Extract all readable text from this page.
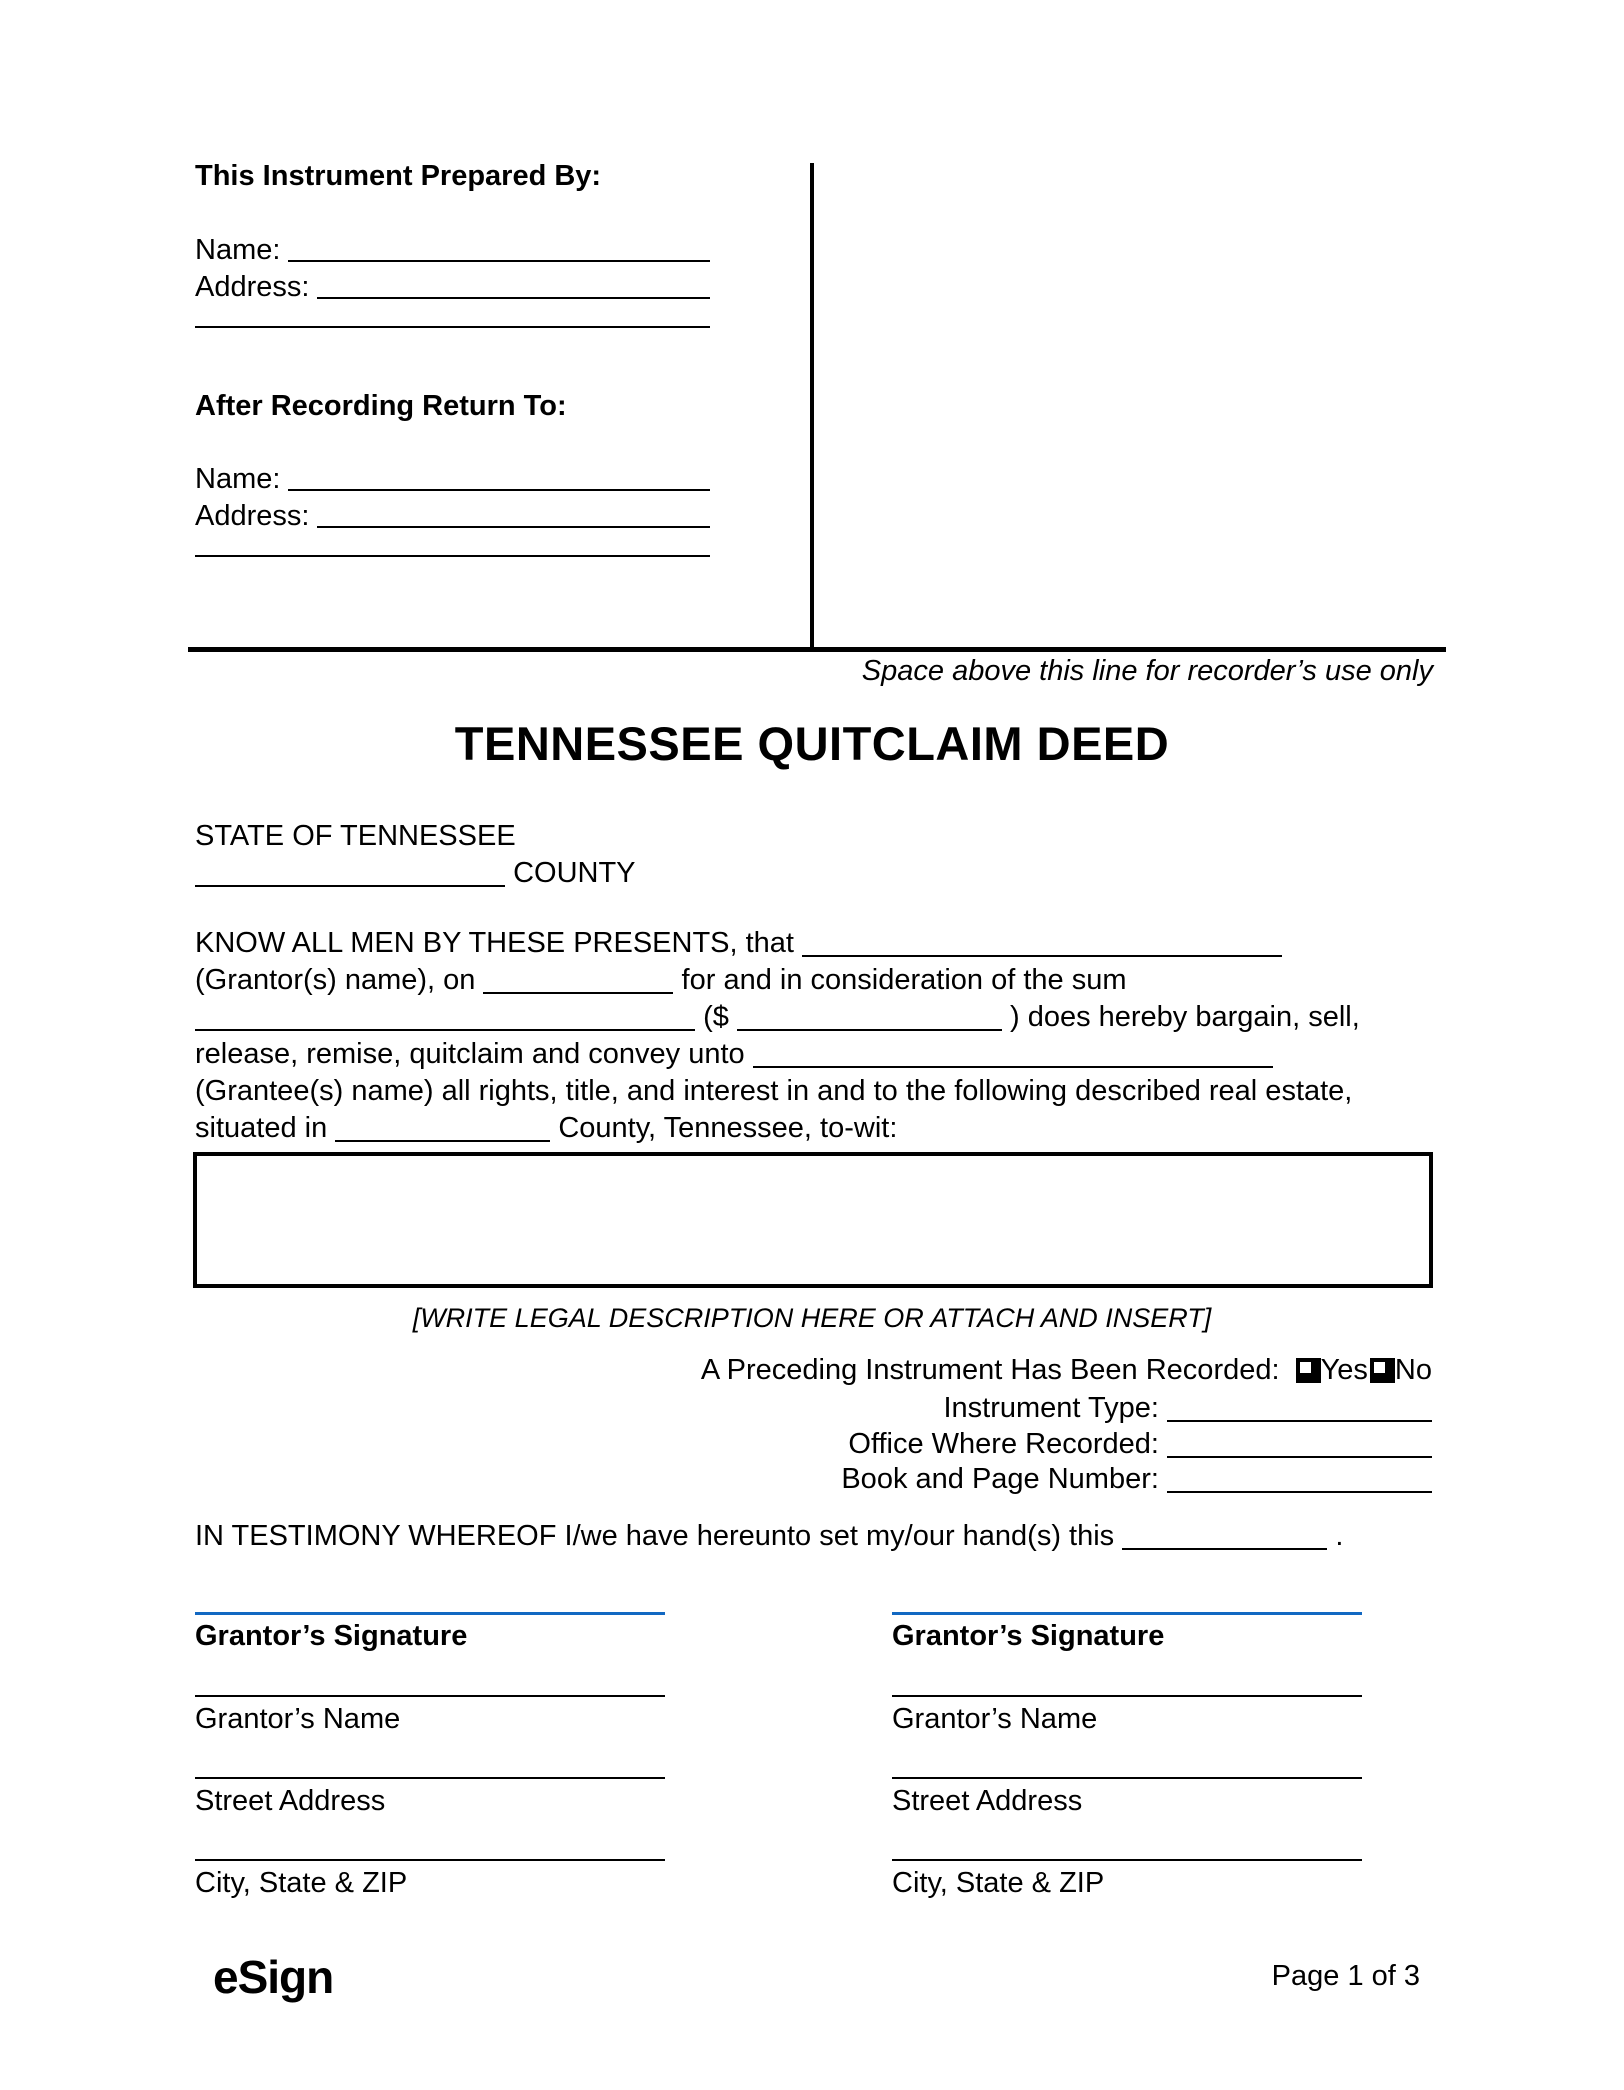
This Instrument Prepared By:
Name:
Address:
After Recording Return To:
Name:
Address:
Space above this line for recorder’s use only
TENNESSEE QUITCLAIM DEED
STATE OF TENNESSEE
COUNTY
KNOW ALL MEN BY THESE PRESENTS, that
(Grantor(s) name), on	for and in consideration of the sum
($	) does hereby bargain, sell,
release, remise, quitclaim and convey unto
(Grantee(s) name) all rights, title, and interest in and to the following described real estate,
situated in	County, Tennessee, to-wit:
[WRITE LEGAL DESCRIPTION HERE OR ATTACH AND INSERT]
A Preceding Instrument Has Been Recorded: Yes No
Instrument Type:
Office Where Recorded:
Book and Page Number:
IN TESTIMONY WHEREOF I/we have hereunto set my/our hand(s) this	.
Grantor’s Signature
Grantor’s Name
Street Address
City, State & ZIP
Grantor’s Signature
Grantor’s Name
Street Address
City, State & ZIP
eSign	Page 1 of 3
